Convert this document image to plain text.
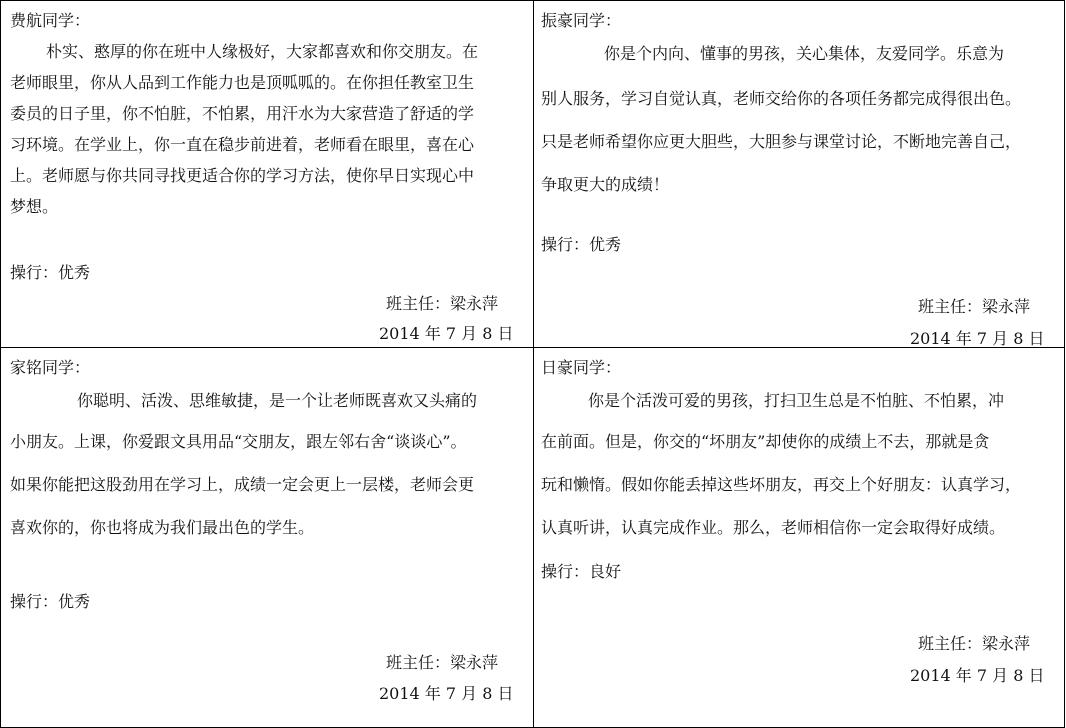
费航同学：
朴实、憨厚的你在班中人缘极好，大家都喜欢和你交朋友。在
老师眼里，你从人品到工作能力也是顶呱呱的。在你担任教室卫生
委员的日子里，你不怕脏，不怕累，用汗水为大家营造了舒适的学
习环境。在学业上，你一直在稳步前进着，老师看在眼里，喜在心
上。老师愿与你共同寻找更适合你的学习方法，使你早日实现心中
梦想。
操行：优秀
班主任：梁永萍
2014 年 7 月 8 日
振豪同学：
你是个内向、懂事的男孩，关心集体，友爱同学。乐意为
别人服务，学习自觉认真，老师交给你的各项任务都完成得很出色。
只是老师希望你应更大胆些，大胆参与课堂讨论，不断地完善自己，
争取更大的成绩！
操行：优秀
班主任：梁永萍
2014 年 7 月 8 日
家铭同学：
你聪明、活泼、思维敏捷，是一个让老师既喜欢又头痛的
小朋友。上课，你爱跟文具用品“交朋友，跟左邻右舍“谈谈心”。
如果你能把这股劲用在学习上，成绩一定会更上一层楼，老师会更
喜欢你的，你也将成为我们最出色的学生。
操行：优秀
班主任：梁永萍
2014 年 7 月 8 日
日豪同学：
你是个活泼可爱的男孩，打扫卫生总是不怕脏、不怕累，冲
在前面。但是，你交的“坏朋友”却使你的成绩上不去，那就是贪
玩和懒惰。假如你能丢掉这些坏朋友，再交上个好朋友：认真学习，
认真听讲，认真完成作业。那么，老师相信你一定会取得好成绩。
操行：良好
班主任：梁永萍
2014 年 7 月 8 日
